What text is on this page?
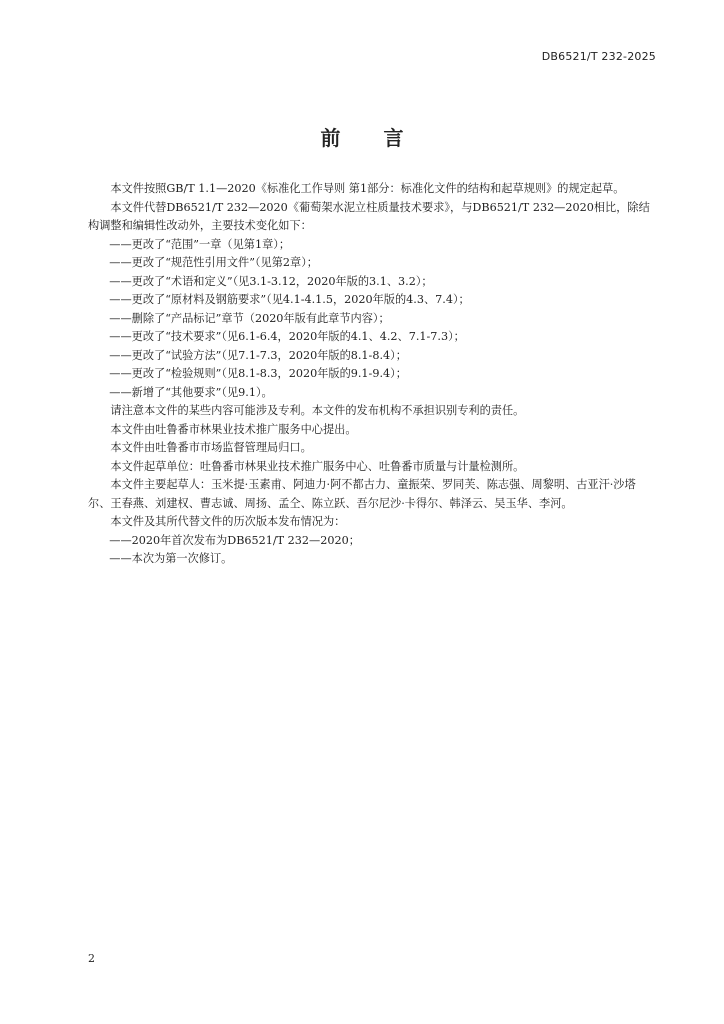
DB6521/T 232-2025
前 言

本文件按照GB/T 1.1—2020《标准化工作导则 第1部分：标准化文件的结构和起草规则》的规定起草。

本文件代替DB6521/T 232—2020《葡萄架水泥立柱质量技术要求》，与DB6521/T 232—2020相比，除结构调整和编辑性改动外，主要技术变化如下：

——更改了“范围”一章（见第1章）；

——更改了“规范性引用文件”（见第2章）；

——更改了“术语和定义”（见3.1-3.12，2020年版的3.1、3.2）；

——更改了“原材料及钢筋要求”（见4.1-4.1.5，2020年版的4.3、7.4）；

——删除了“产品标记”章节（2020年版有此章节内容）；

——更改了“技术要求”（见6.1-6.4，2020年版的4.1、4.2、7.1-7.3）；

——更改了“试验方法”（见7.1-7.3，2020年版的8.1-8.4）；

——更改了“检验规则”（见8.1-8.3，2020年版的9.1-9.4）；

——新增了“其他要求”（见9.1）。

请注意本文件的某些内容可能涉及专利。本文件的发布机构不承担识别专利的责任。

本文件由吐鲁番市林果业技术推广服务中心提出。

本文件由吐鲁番市市场监督管理局归口。

本文件起草单位：吐鲁番市林果业技术推广服务中心、吐鲁番市质量与计量检测所。

本文件主要起草人：玉米提·玉素甫、阿迪力·阿不都古力、童振荣、罗同芙、陈志强、周黎明、古亚汗·沙塔尔、王春燕、刘建权、曹志诚、周扬、孟仝、陈立跃、吾尔尼沙·卡得尔、韩泽云、吴玉华、李河。

本文件及其所代替文件的历次版本发布情况为：

——2020年首次发布为DB6521/T 232—2020；

——本次为第一次修订。

2
